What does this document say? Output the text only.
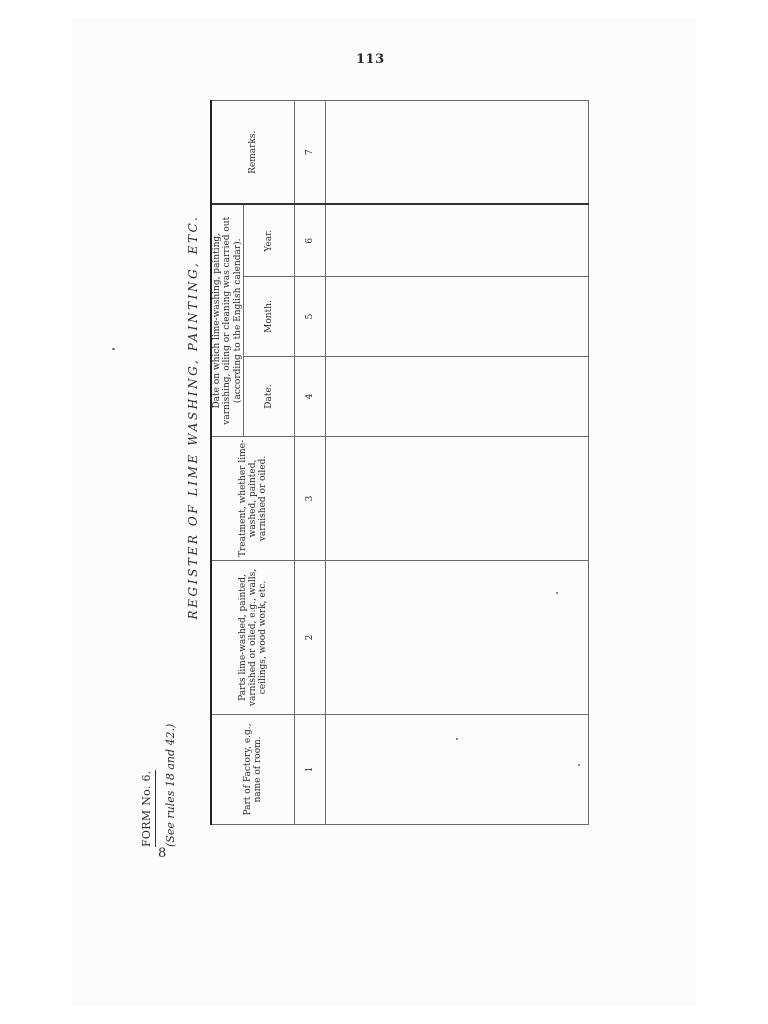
113
8
FORM No. 6. (See rules 18 and 42.)
REGISTER OF LIME WASHING, PAINTING, ETC.
Part of Factory, e.g., name of room.	Parts lime-washed, painted, varnished or oiled, e.g., walls, ceilings, wood work, etc.	Treatment, whether lime-washed, painted, varnished or oiled.	Date on which lime-washing, painting, varnishing, oiling or cleaning was carried out (according to the English calendar).			Remarks.
			Date.	Month.	Year.	
1	2	3	4	5	6	7
